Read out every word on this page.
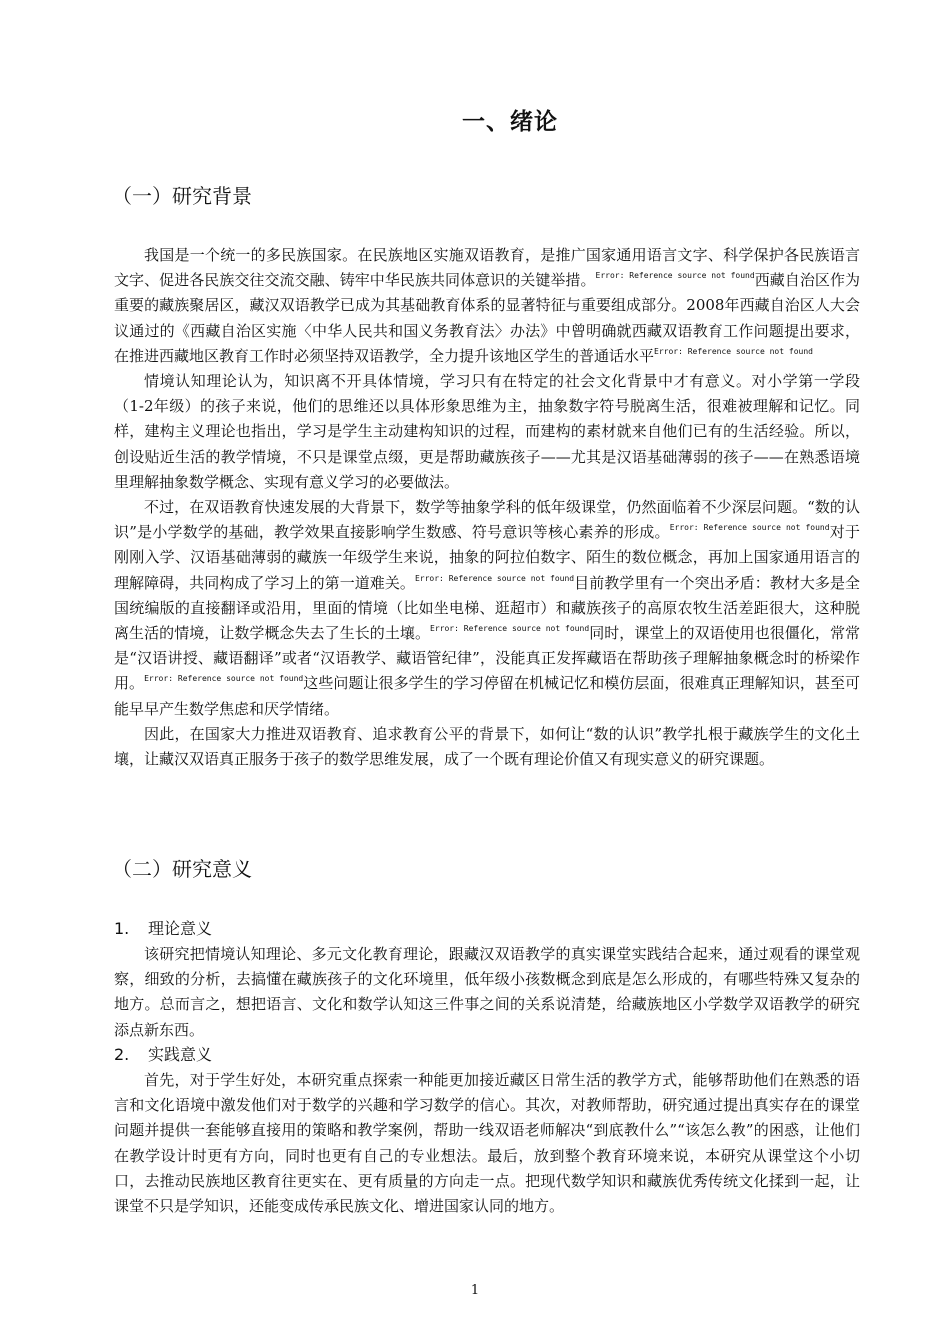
一、绪论
（一）研究背景

我国是一个统一的多民族国家。在民族地区实施双语教育，是推广国家通用语言文字、科学保护各民族语言文字、促进各民族交往交流交融、铸牢中华民族共同体意识的关键举措。$^{Error: Reference source not found}$西藏自治区作为重要的藏族聚居区，藏汉双语教学已成为其基础教育体系的显著特征与重要组成部分。2008年西藏自治区人大会议通过的《西藏自治区实施〈中华人民共和国义务教育法〉办法》中曾明确就西藏双语教育工作问题提出要求，在推进西藏地区教育工作时必须坚持双语教学，全力提升该地区学生的普通话水平$^{Error: Reference source not found}$

情境认知理论认为，知识离不开具体情境，学习只有在特定的社会文化背景中才有意义。对小学第一学段（1-2年级）的孩子来说，他们的思维还以具体形象思维为主，抽象数字符号脱离生活，很难被理解和记忆。同样，建构主义理论也指出，学习是学生主动建构知识的过程，而建构的素材就来自他们已有的生活经验。所以，创设贴近生活的教学情境，不只是课堂点缀，更是帮助藏族孩子——尤其是汉语基础薄弱的孩子——在熟悉语境里理解抽象数学概念、实现有意义学习的必要做法。

不过，在双语教育快速发展的大背景下，数学等抽象学科的低年级课堂，仍然面临着不少深层问题。“数的认识”是小学数学的基础，教学效果直接影响学生数感、符号意识等核心素养的形成。$^{Error: Reference source not found}$对于刚刚入学、汉语基础薄弱的藏族一年级学生来说，抽象的阿拉伯数字、陌生的数位概念，再加上国家通用语言的理解障碍，共同构成了学习上的第一道难关。$^{Error: Reference source not found}$目前教学里有一个突出矛盾：教材大多是全国统编版的直接翻译或沿用，里面的情境（比如坐电梯、逛超市）和藏族孩子的高原农牧生活差距很大，这种脱离生活的情境，让数学概念失去了生长的土壤。$^{Error: Reference source not found}$同时，课堂上的双语使用也很僵化，常常是“汉语讲授、藏语翻译”或者“汉语教学、藏语管纪律”，没能真正发挥藏语在帮助孩子理解抽象概念时的桥梁作用。$^{Error: Reference source not found}$这些问题让很多学生的学习停留在机械记忆和模仿层面，很难真正理解知识，甚至可能早早产生数学焦虑和厌学情绪。

因此，在国家大力推进双语教育、追求教育公平的背景下，如何让“数的认识”教学扎根于藏族学生的文化土壤，让藏汉双语真正服务于孩子的数学思维发展，成了一个既有理论价值又有现实意义的研究课题。

（二）研究意义
1. 理论意义

该研究把情境认知理论、多元文化教育理论，跟藏汉双语教学的真实课堂实践结合起来，通过观看的课堂观察，细致的分析，去搞懂在藏族孩子的文化环境里，低年级小孩数概念到底是怎么形成的，有哪些特殊又复杂的地方。总而言之，想把语言、文化和数学认知这三件事之间的关系说清楚，给藏族地区小学数学双语教学的研究添点新东西。

2. 实践意义

首先，对于学生好处，本研究重点探索一种能更加接近藏区日常生活的教学方式，能够帮助他们在熟悉的语言和文化语境中激发他们对于数学的兴趣和学习数学的信心。其次，对教师帮助，研究通过提出真实存在的课堂问题并提供一套能够直接用的策略和教学案例，帮助一线双语老师解决“到底教什么”“该怎么教”的困惑，让他们在教学设计时更有方向，同时也更有自己的专业想法。最后，放到整个教育环境来说，本研究从课堂这个小切口，去推动民族地区教育往更实在、更有质量的方向走一点。把现代数学知识和藏族优秀传统文化揉到一起，让课堂不只是学知识，还能变成传承民族文化、增进国家认同的地方。

1
